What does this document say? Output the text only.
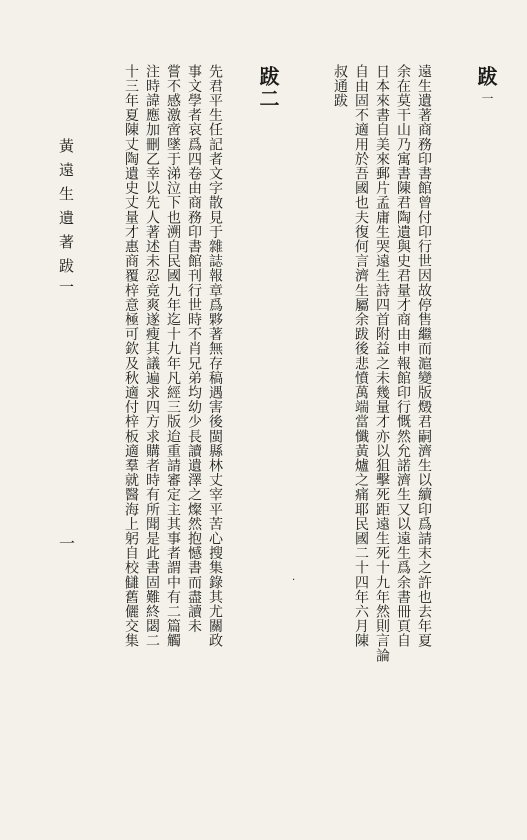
跋
一
遠生遺著商務印書館曾付印行世因故停售繼而滬變版燬君嗣濟生以續印爲請末之許也去年夏
余在莫干山乃寓書陳君陶遺與史君量才商由申報館印行慨然允諾濟生又以遠生爲余書冊頁自
日本來書自美來郵片孟庸生哭遠生詩四首附益之未幾量才亦以狙擊死距遠生死十九年然則言論
自由固不適用於吾國也夫復何言濟生屬余跋後悲憤萬端當懺黃爐之痛耶民國二十四年六月陳
叔通跋
跋二
先君平生任記者文字散見于雜誌報章爲夥著無存稿遇害後閩縣林丈宰平苦心搜集錄其尤關政
事文學者哀爲四卷由商務印書館刊行世時不肖兄弟均幼少長讀遺澤之燦然抱憾書而盡讀未
嘗不感激啻墜于涕泣下也溯自民國九年迄十九年凡經三版迨重請審定主其事者謂中有二篇觸
注時諱應加刪乙幸以先人著述未忍竟爽遂瘦其議遍求四方求購者時有所聞是此書固難終閟二
十三年夏陳丈陶遺史丈量才惠商覆梓意極可欽及秋適付梓板適羣就醫海上躬自校讎舊儷交集
黃遠生遺著
跋一
一
·
